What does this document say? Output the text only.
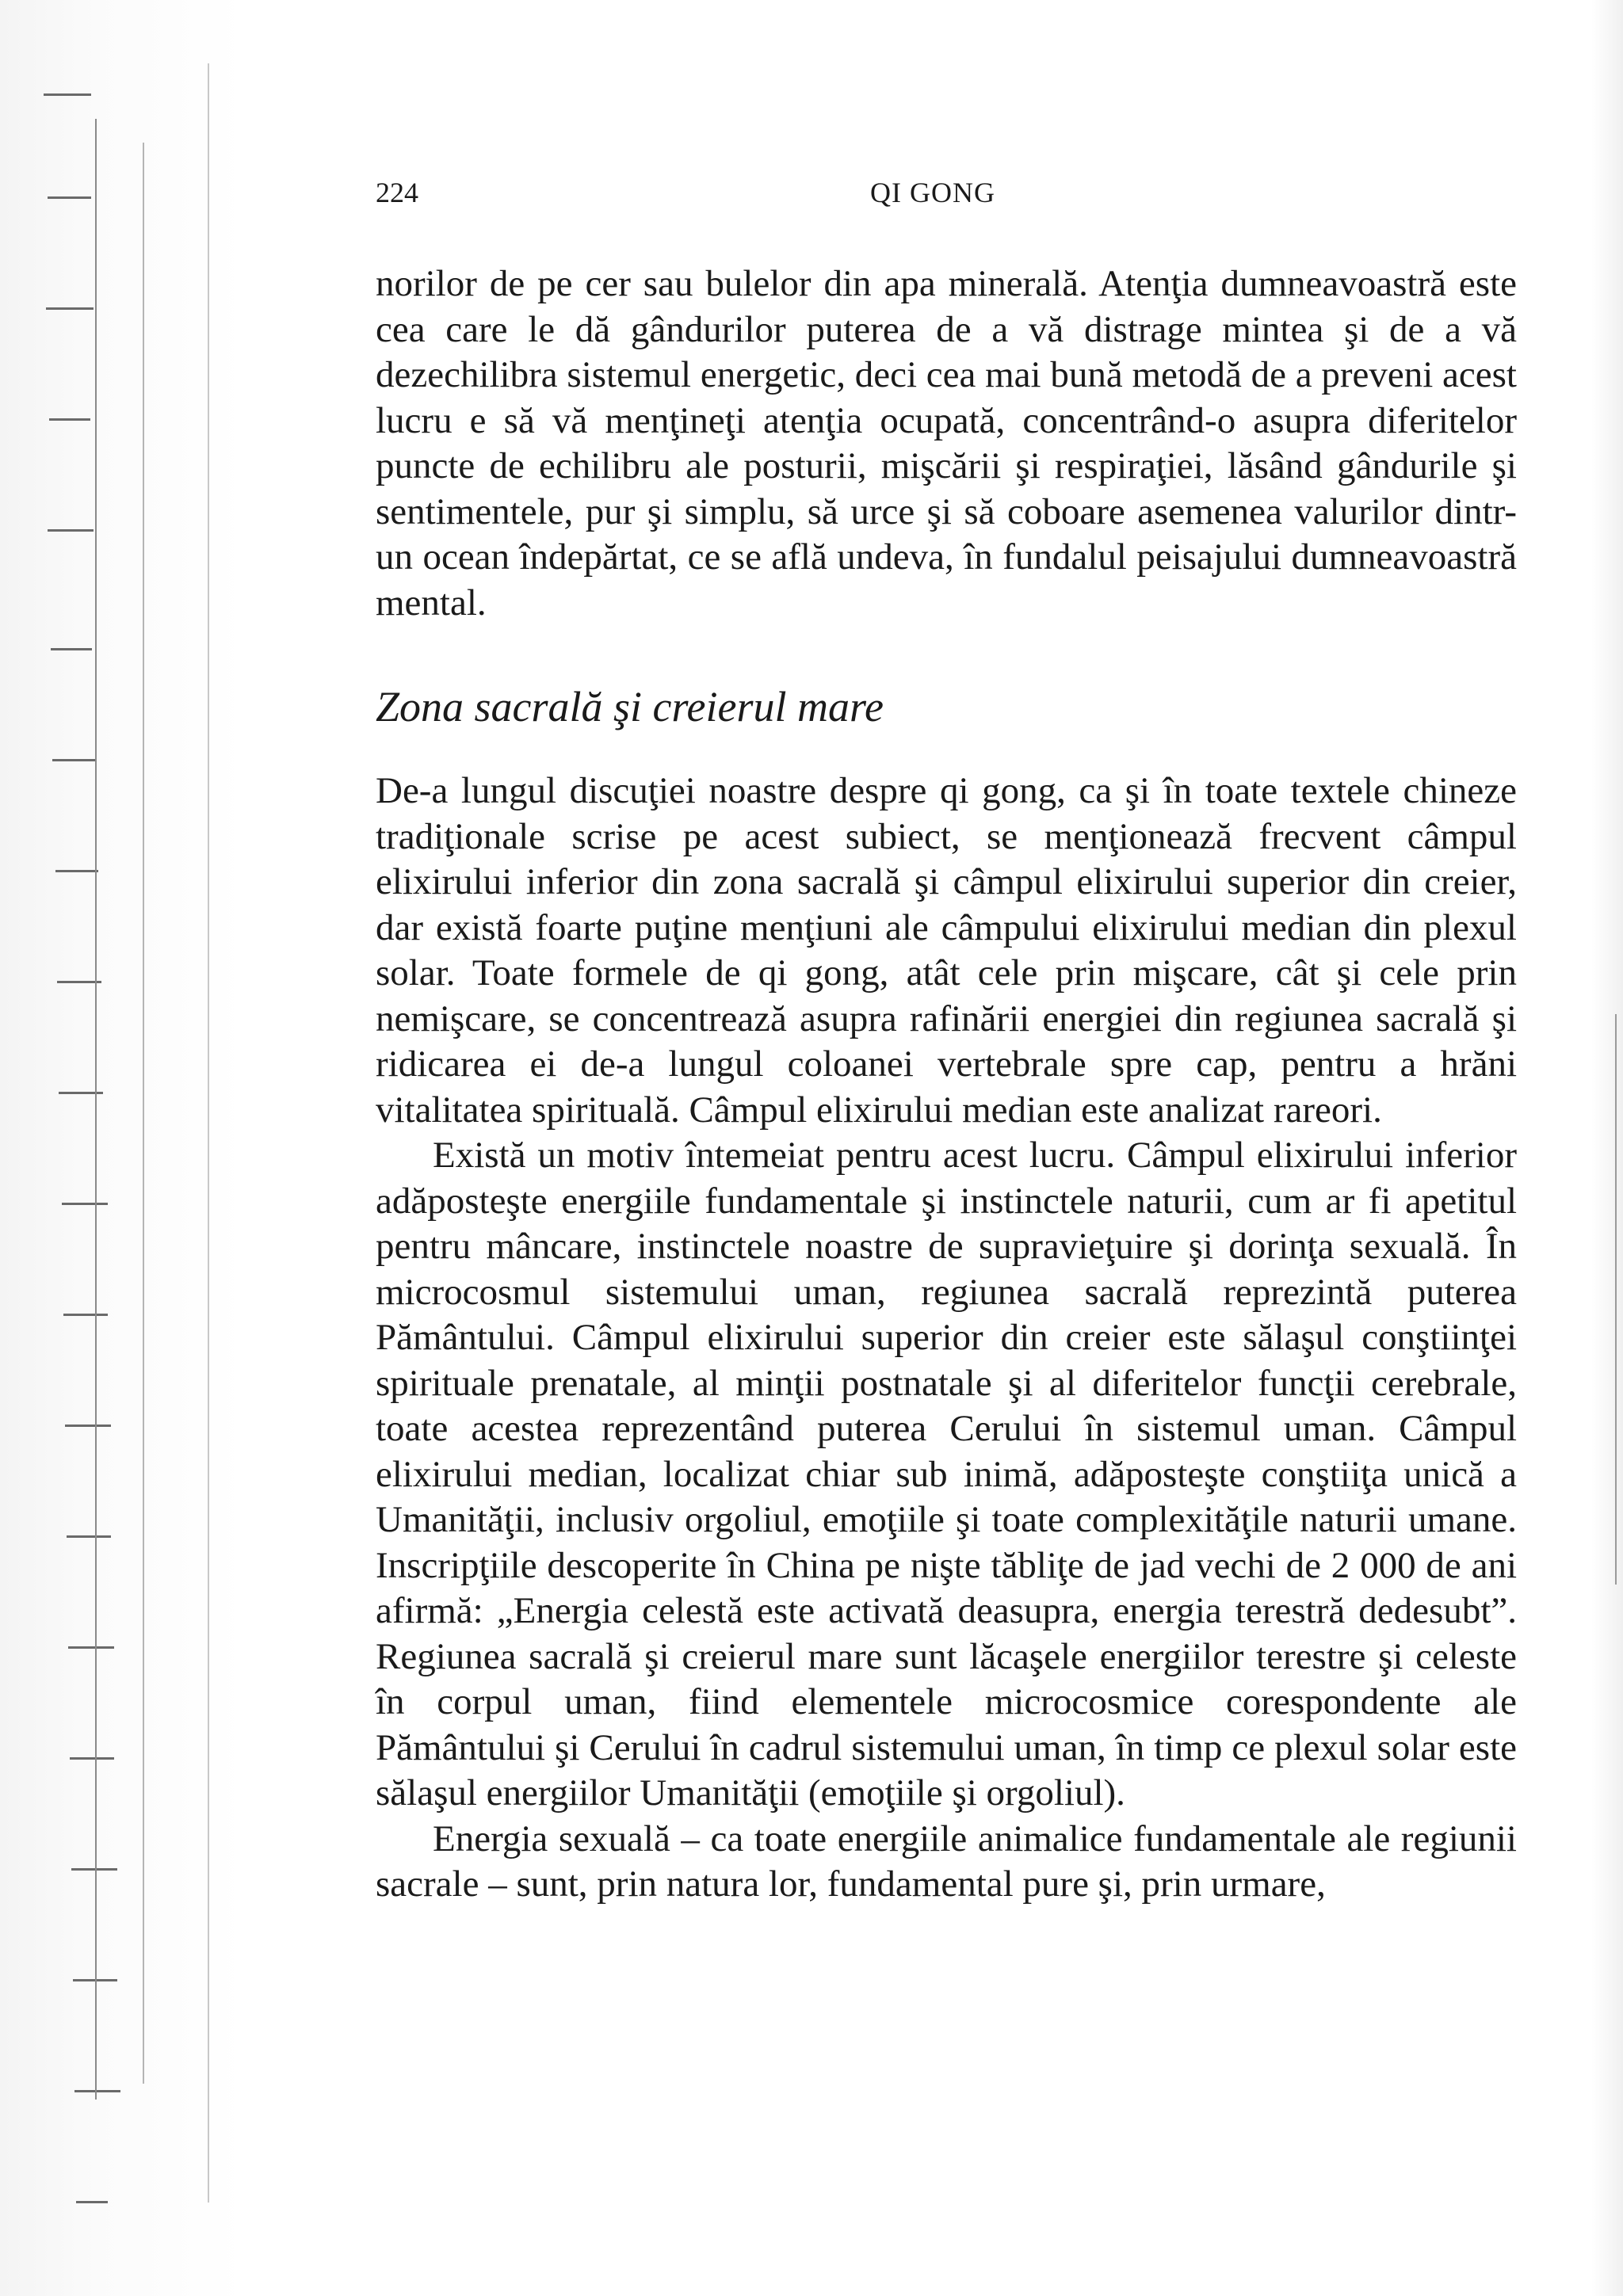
224	QI GONG

norilor de pe cer sau bulelor din apa minerală. Atenţia dumneavoastră este cea care le dă gândurilor puterea de a vă distrage mintea şi de a vă dezechilibra sistemul energetic, deci cea mai bună metodă de a preveni acest lucru e să vă menţineţi atenţia ocupată, concentrând-o asupra diferitelor puncte de echilibru ale posturii, mişcării şi respiraţiei, lăsând gândurile şi sentimentele, pur şi simplu, să urce şi să coboare asemenea valurilor dintr-un ocean îndepărtat, ce se află undeva, în fundalul peisajului dumneavoastră mental.

Zona sacrală şi creierul mare

De-a lungul discuţiei noastre despre qi gong, ca şi în toate textele chineze tradiţionale scrise pe acest subiect, se menţionează frecvent câmpul elixirului inferior din zona sacrală şi câmpul elixirului superior din creier, dar există foarte puţine menţiuni ale câmpului elixirului median din plexul solar. Toate formele de qi gong, atât cele prin mişcare, cât şi cele prin nemişcare, se concentrează asupra rafinării energiei din regiunea sacrală şi ridicarea ei de-a lungul coloanei vertebrale spre cap, pentru a hrăni vitalitatea spirituală. Câmpul elixirului median este analizat rareori.

Există un motiv întemeiat pentru acest lucru. Câmpul elixirului inferior adăposteşte energiile fundamentale şi instinctele naturii, cum ar fi apetitul pentru mâncare, instinctele noastre de supravieţuire şi dorinţa sexuală. În microcosmul sistemului uman, regiunea sacrală reprezintă puterea Pământului. Câmpul elixirului superior din creier este sălaşul conştiinţei spirituale prenatale, al minţii postnatale şi al diferitelor funcţii cerebrale, toate acestea reprezentând puterea Cerului în sistemul uman. Câmpul elixirului median, localizat chiar sub inimă, adăposteşte conştiiţa unică a Umanităţii, inclusiv orgoliul, emoţiile şi toate complexităţile naturii umane. Inscripţiile descoperite în China pe nişte tăbliţe de jad vechi de 2 000 de ani afirmă: „Energia celestă este activată deasupra, energia terestră dedesubt”. Regiunea sacrală şi creierul mare sunt lăcaşele energiilor terestre şi celeste în corpul uman, fiind elementele microcosmice corespondente ale Pământului şi Cerului în cadrul sistemului uman, în timp ce plexul solar este sălaşul energiilor Umanităţii (emoţiile şi orgoliul).

Energia sexuală – ca toate energiile animalice fundamentale ale regiunii sacrale – sunt, prin natura lor, fundamental pure şi, prin urmare,
